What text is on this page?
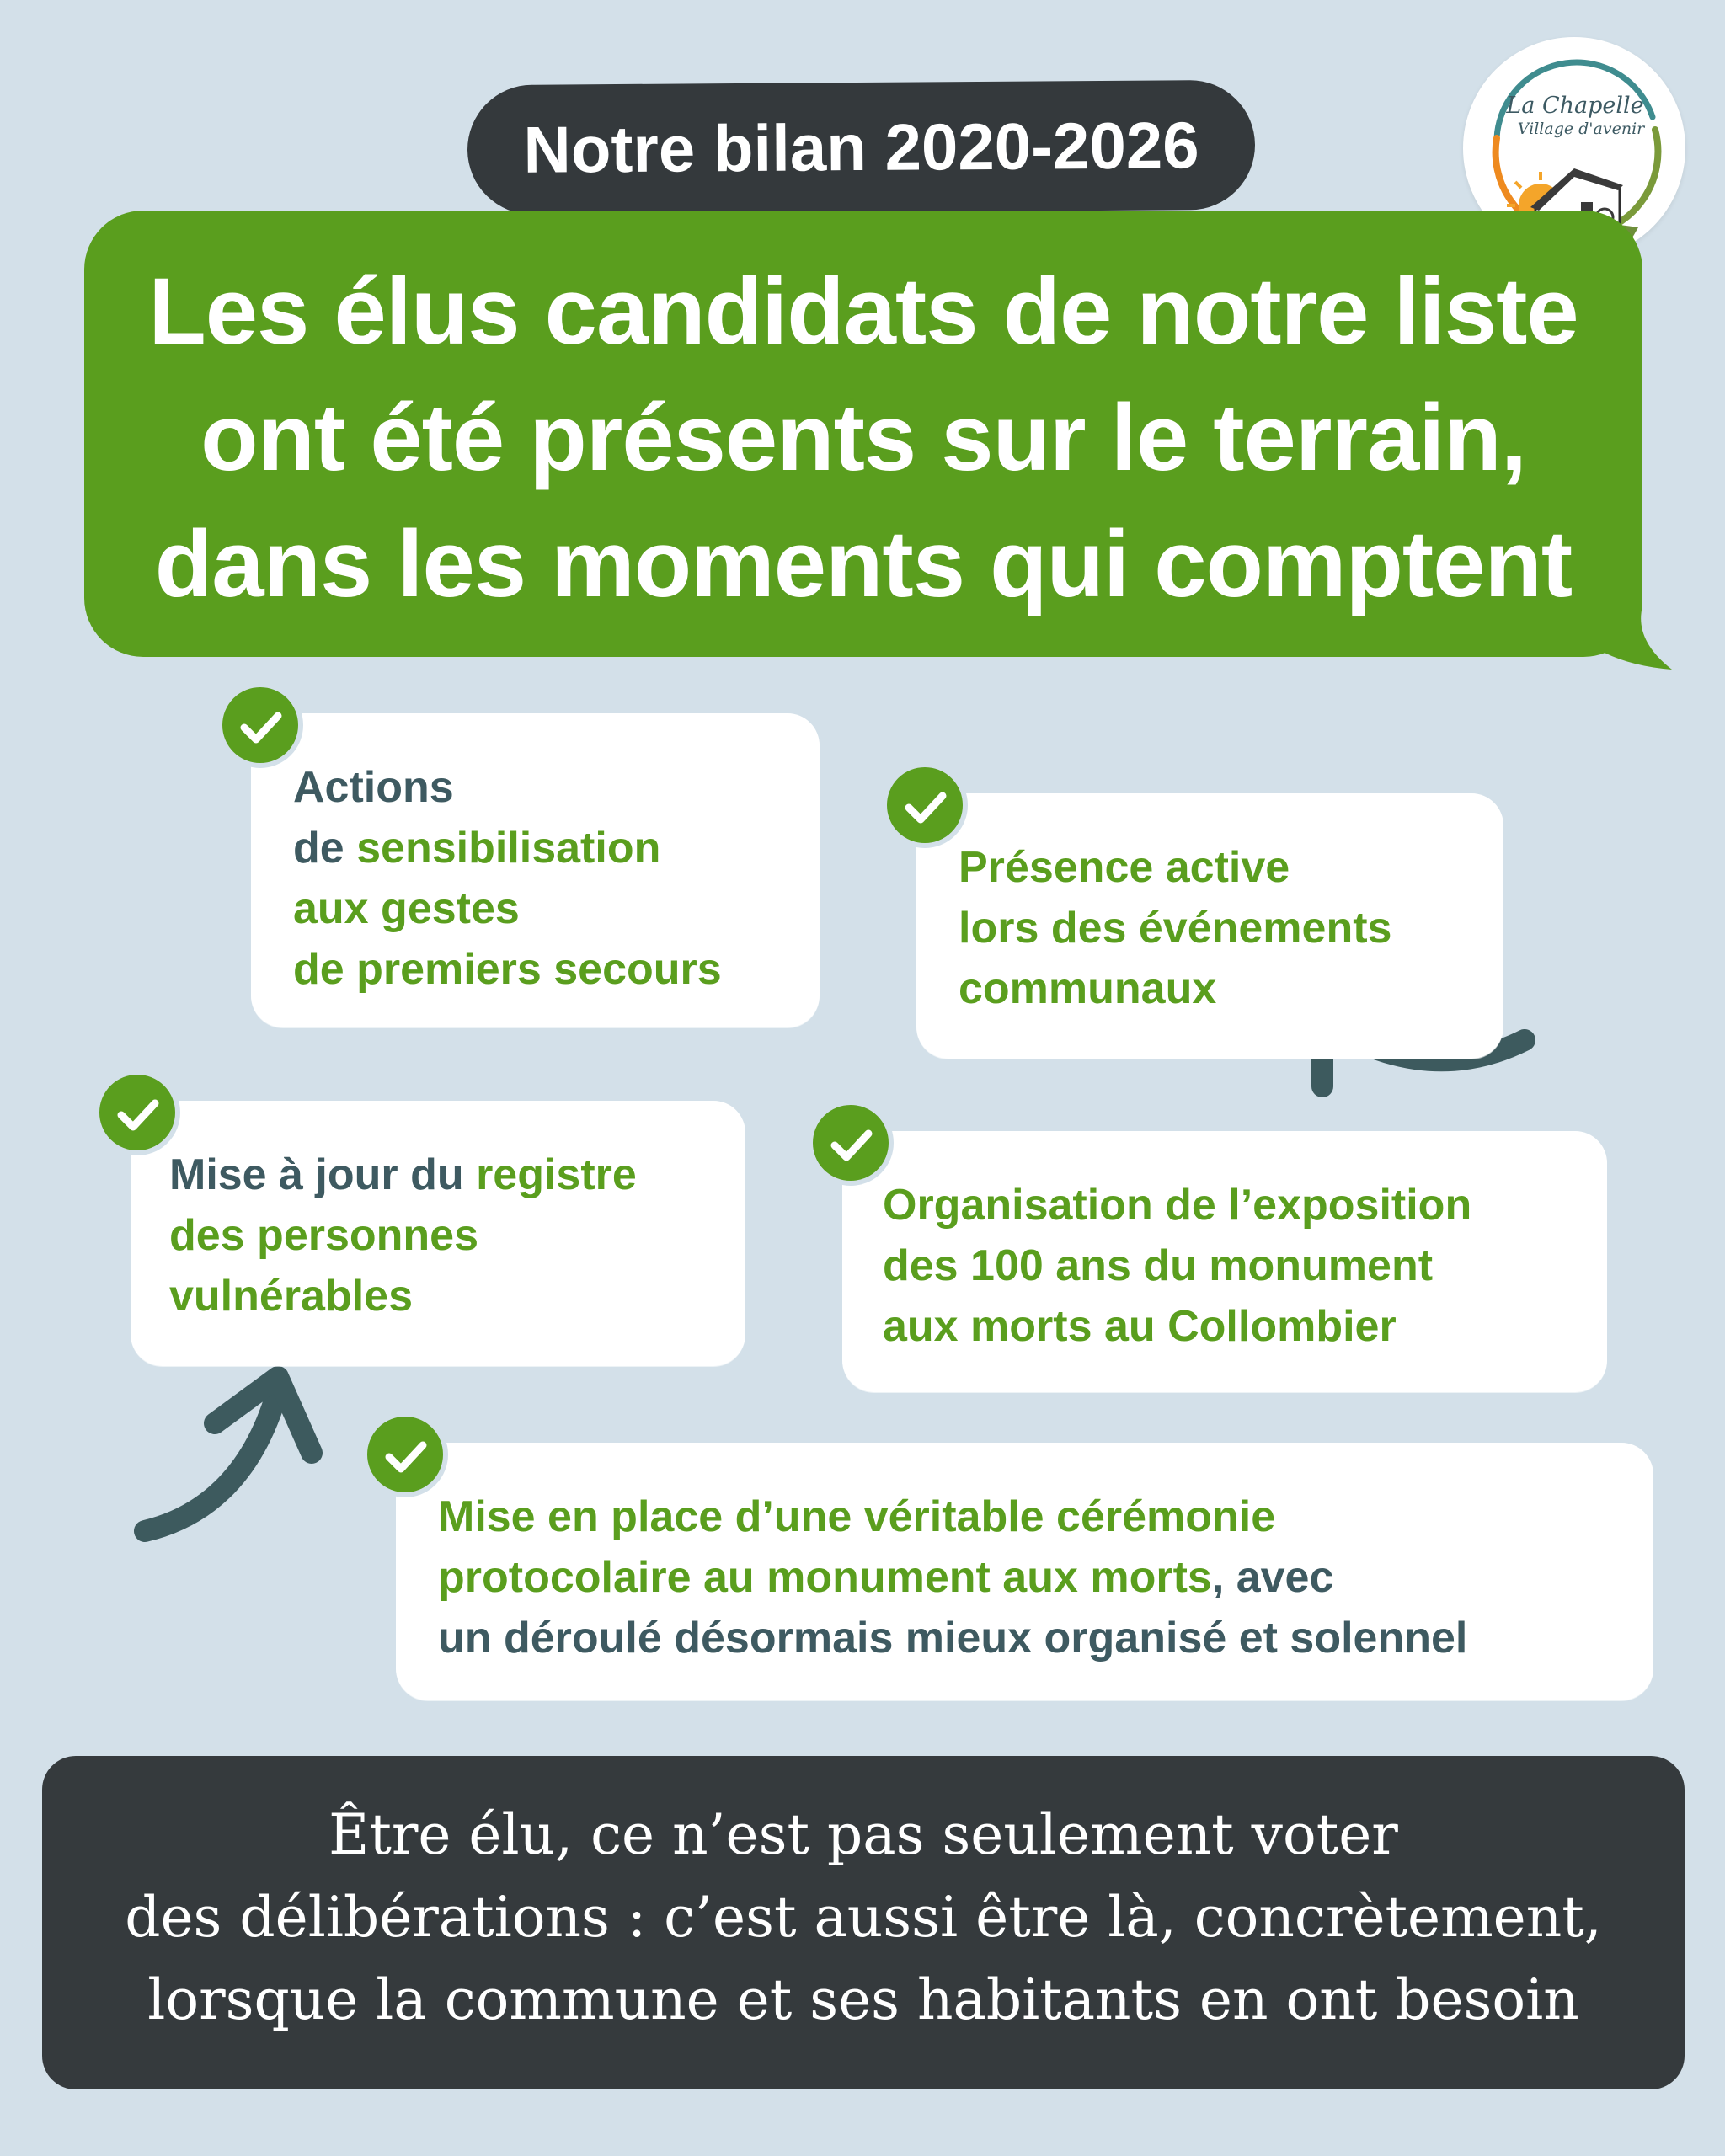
Notre bilan 2020-2026
La Chapelle
Village d'avenir
Les élus candidats de notre liste
ont été présents sur le terrain,
dans les moments qui comptent
Actions
de sensibilisation
aux gestes
de premiers secours
Présence active
lors des événements
communaux
Mise à jour du registre
des personnes
vulnérables
Organisation de l’exposition
des 100 ans du monument
aux morts au Collombier
Mise en place d’une véritable cérémonie
protocolaire au monument aux morts, avec
un déroulé désormais mieux organisé et solennel
Être élu, ce n’est pas seulement voter
des délibérations : c’est aussi être là, concrètement,
lorsque la commune et ses habitants en ont besoin
